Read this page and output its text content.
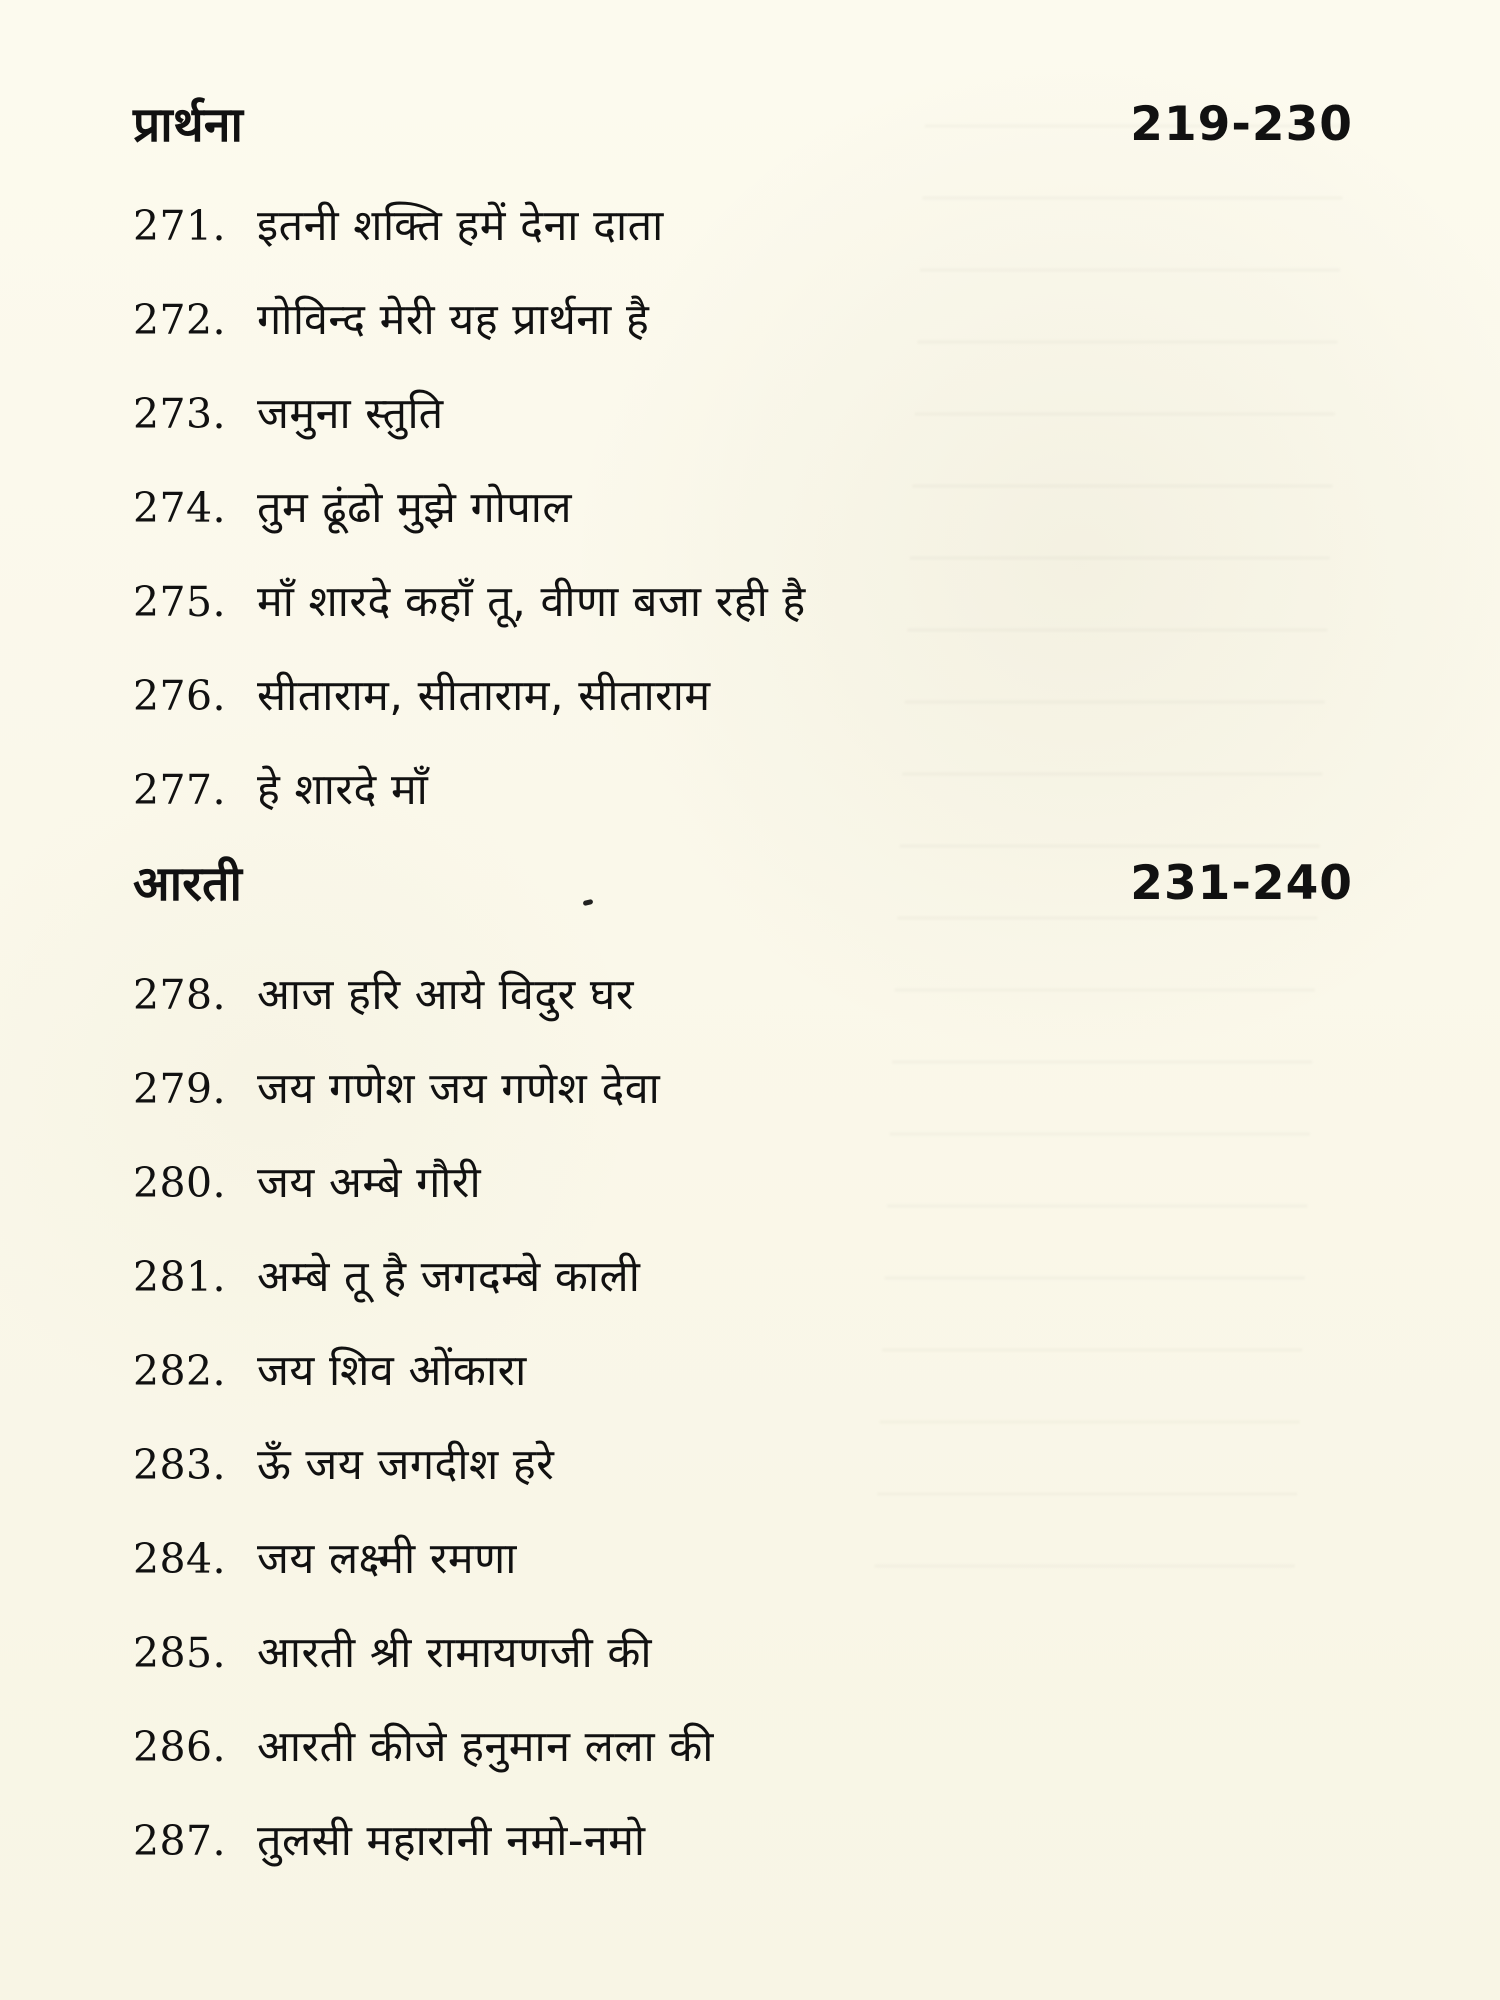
प्रार्थना	219-230
271. इतनी शक्ति हमें देना दाता
272. गोविन्द मेरी यह प्रार्थना है
273. जमुना स्तुति
274. तुम ढूंढो मुझे गोपाल
275. माँ शारदे कहाँ तू, वीणा बजा रही है
276. सीताराम, सीताराम, सीताराम
277. हे शारदे माँ
आरती	231-240
278. आज हरि आये विदुर घर
279. जय गणेश जय गणेश देवा
280. जय अम्बे गौरी
281. अम्बे तू है जगदम्बे काली
282. जय शिव ओंकारा
283. ऊँ जय जगदीश हरे
284. जय लक्ष्मी रमणा
285. आरती श्री रामायणजी की
286. आरती कीजे हनुमान लला की
287. तुलसी महारानी नमो-नमो
